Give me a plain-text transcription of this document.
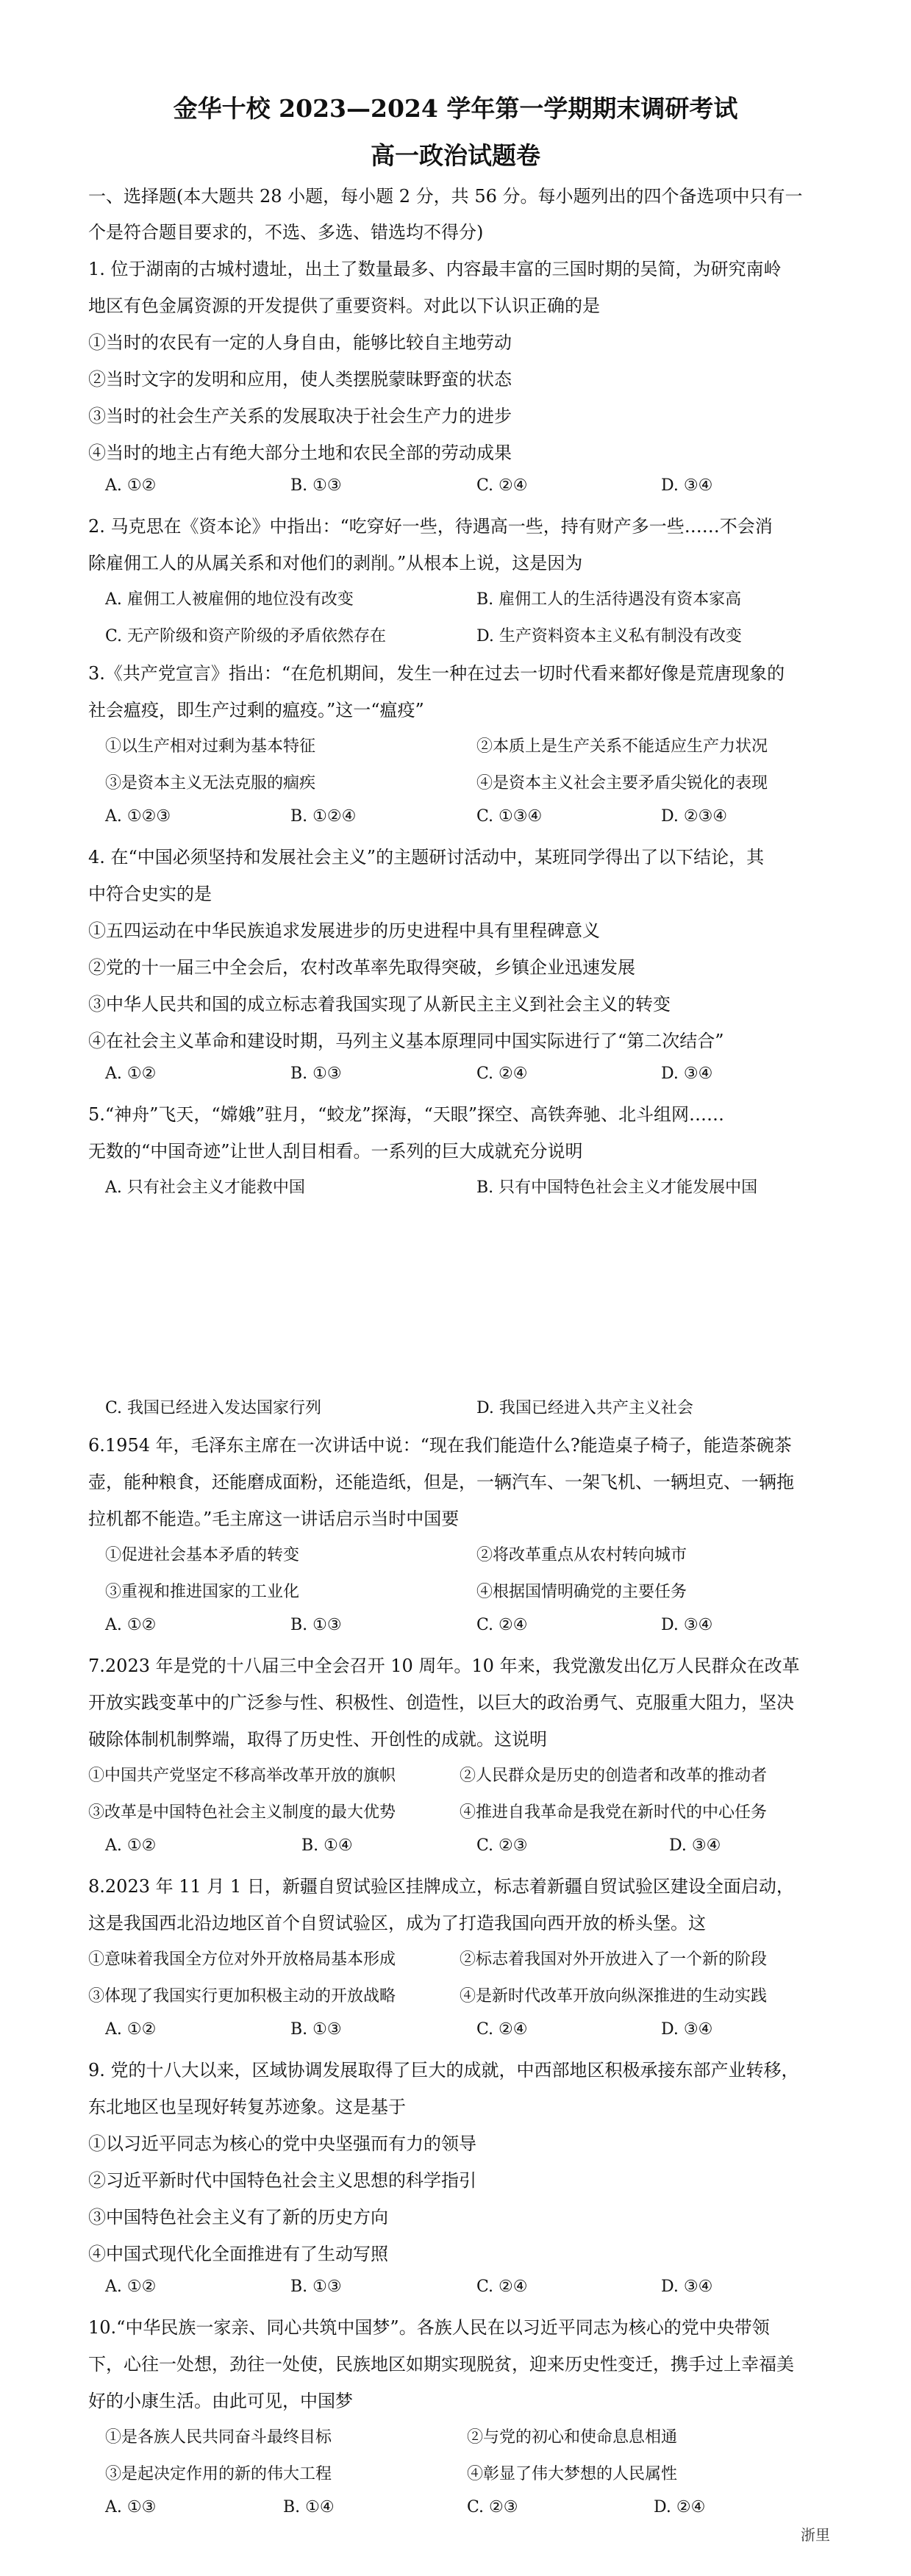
金华十校 2023—2024 学年第一学期期末调研考试
高一政治试题卷
一、选择题(本大题共 28 小题，每小题 2 分，共 56 分。每小题列出的四个备选项中只有一
个是符合题目要求的，不选、多选、错选均不得分)
1. 位于湖南的古城村遗址，出土了数量最多、内容最丰富的三国时期的吴简，为研究南岭
地区有色金属资源的开发提供了重要资料。对此以下认识正确的是
①当时的农民有一定的人身自由，能够比较自主地劳动
②当时文字的发明和应用，使人类摆脱蒙昧野蛮的状态
③当时的社会生产关系的发展取决于社会生产力的进步
④当时的地主占有绝大部分土地和农民全部的劳动成果
A. ①②	B. ①③	C. ②④	D. ③④
2. 马克思在《资本论》中指出：“吃穿好一些，待遇高一些，持有财产多一些……不会消
除雇佣工人的从属关系和对他们的剥削。”从根本上说，这是因为
A. 雇佣工人被雇佣的地位没有改变	B. 雇佣工人的生活待遇没有资本家高
C. 无产阶级和资产阶级的矛盾依然存在	D. 生产资料资本主义私有制没有改变
3.《共产党宣言》指出：“在危机期间，发生一种在过去一切时代看来都好像是荒唐现象的
社会瘟疫，即生产过剩的瘟疫。”这一“瘟疫”
①以生产相对过剩为基本特征	②本质上是生产关系不能适应生产力状况
③是资本主义无法克服的痼疾	④是资本主义社会主要矛盾尖锐化的表现
A. ①②③	B. ①②④	C. ①③④	D. ②③④
4. 在“中国必须坚持和发展社会主义”的主题研讨活动中，某班同学得出了以下结论，其
中符合史实的是
①五四运动在中华民族追求发展进步的历史进程中具有里程碑意义
②党的十一届三中全会后，农村改革率先取得突破，乡镇企业迅速发展
③中华人民共和国的成立标志着我国实现了从新民主主义到社会主义的转变
④在社会主义革命和建设时期，马列主义基本原理同中国实际进行了“第二次结合”
A. ①②	B. ①③	C. ②④	D. ③④
5.“神舟”飞天，“嫦娥”驻月，“蛟龙”探海，“天眼”探空、高铁奔驰、北斗组网……
无数的“中国奇迹”让世人刮目相看。一系列的巨大成就充分说明
A. 只有社会主义才能救中国	B. 只有中国特色社会主义才能发展中国
C. 我国已经进入发达国家行列	D. 我国已经进入共产主义社会
6.1954 年，毛泽东主席在一次讲话中说：“现在我们能造什么?能造桌子椅子，能造茶碗茶
壶，能种粮食，还能磨成面粉，还能造纸，但是，一辆汽车、一架飞机、一辆坦克、一辆拖
拉机都不能造。”毛主席这一讲话启示当时中国要
①促进社会基本矛盾的转变	②将改革重点从农村转向城市
③重视和推进国家的工业化	④根据国情明确党的主要任务
A. ①②	B. ①③	C. ②④	D. ③④
7.2023 年是党的十八届三中全会召开 10 周年。10 年来，我党激发出亿万人民群众在改革
开放实践变革中的广泛参与性、积极性、创造性，以巨大的政治勇气、克服重大阻力，坚决
破除体制机制弊端，取得了历史性、开创性的成就。这说明
①中国共产党坚定不移高举改革开放的旗帜	②人民群众是历史的创造者和改革的推动者
③改革是中国特色社会主义制度的最大优势	④推进自我革命是我党在新时代的中心任务
A. ①②	B. ①④	C. ②③	D. ③④
8.2023 年 11 月 1 日，新疆自贸试验区挂牌成立，标志着新疆自贸试验区建设全面启动，
这是我国西北沿边地区首个自贸试验区，成为了打造我国向西开放的桥头堡。这
①意味着我国全方位对外开放格局基本形成	②标志着我国对外开放进入了一个新的阶段
③体现了我国实行更加积极主动的开放战略	④是新时代改革开放向纵深推进的生动实践
A. ①②	B. ①③	C. ②④	D. ③④
9. 党的十八大以来，区域协调发展取得了巨大的成就，中西部地区积极承接东部产业转移，
东北地区也呈现好转复苏迹象。这是基于
①以习近平同志为核心的党中央坚强而有力的领导
②习近平新时代中国特色社会主义思想的科学指引
③中国特色社会主义有了新的历史方向
④中国式现代化全面推进有了生动写照
A. ①②	B. ①③	C. ②④	D. ③④
10.“中华民族一家亲、同心共筑中国梦”。各族人民在以习近平同志为核心的党中央带领
下，心往一处想，劲往一处使，民族地区如期实现脱贫，迎来历史性变迁，携手过上幸福美
好的小康生活。由此可见，中国梦
①是各族人民共同奋斗最终目标	②与党的初心和使命息息相通
③是起决定作用的新的伟大工程	④彰显了伟大梦想的人民属性
A. ①③	B. ①④	C. ②③	D. ②④
浙里
